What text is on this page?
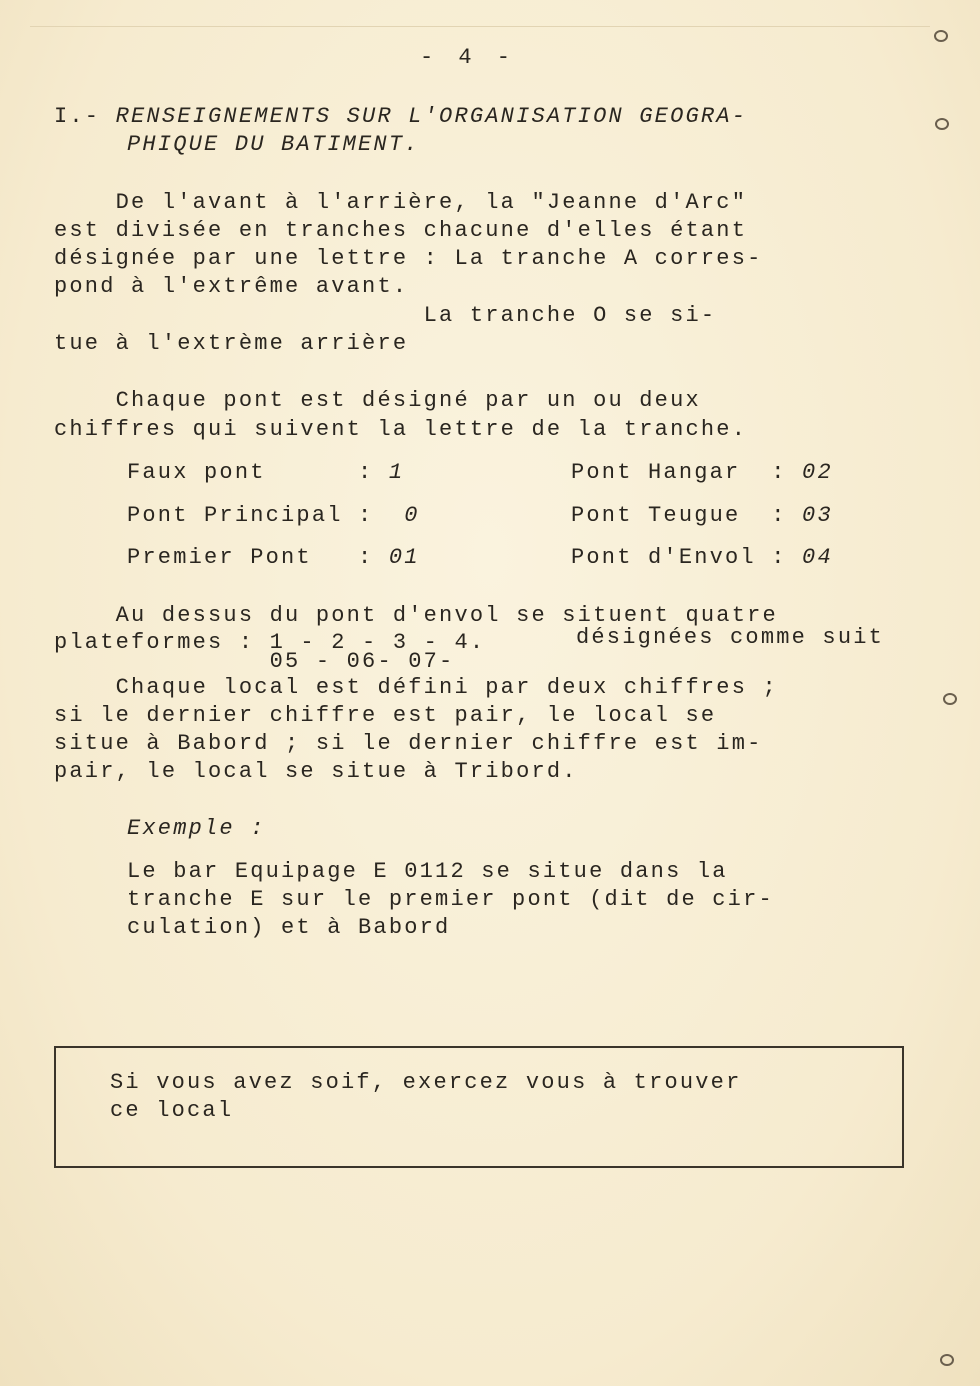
- 4 -
I.- RENSEIGNEMENTS SUR L'ORGANISATION GEOGRA-
PHIQUE DU BATIMENT.
De l'avant à l'arrière, la "Jeanne d'Arc"
est divisée en tranches chacune d'elles étant
désignée par une lettre : La tranche A corres-
pond à l'extrême avant.
La tranche O se si-
tue à l'extrème arrière
Chaque pont est désigné par un ou deux
chiffres qui suivent la lettre de la tranche.
Faux pont      : 1
Pont Principal : 0
Premier Pont   : 01
Pont Hangar  : 02
Pont Teugue  : 03
Pont d'Envol : 04
Au dessus du pont d'envol se situent quatre
plateformes : 1 - 2 - 3 - 4.	désignées comme suit
05 - 06- 07-
Chaque local est défini par deux chiffres ;
si le dernier chiffre est pair, le local se
situe à Babord ; si le dernier chiffre est im-
pair, le local se situe à Tribord.
Exemple :
Le bar Equipage E 0112 se situe dans la
tranche E sur le premier pont (dit de cir-
culation) et à Babord
Si vous avez soif, exercez vous à trouver
ce local
